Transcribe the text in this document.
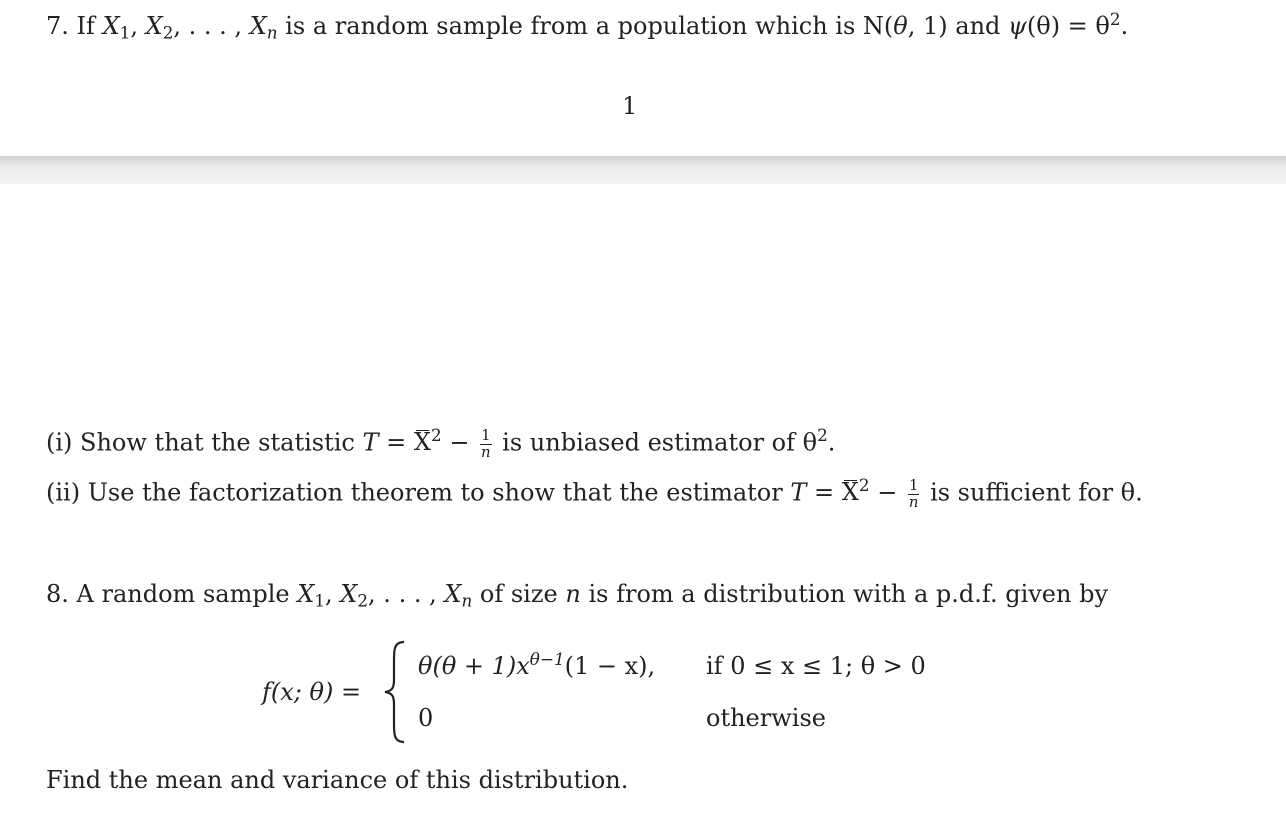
7. If $X_1$, $X_2$, . . . , $X_n$ is a random sample from a population which is N(θ, 1) and $\psi(\theta) = \theta^2$.
1
(i) Show that the statistic $T = X^2 - \frac{1}{n}$ is unbiased estimator of $\theta^2$.
(ii) Use the factorization theorem to show that the estimator $T = X^2 - \frac{1}{n}$ is sufficient for θ.
8. A random sample $X_1$, $X_2$, . . . , $X_n$ of size n is from a distribution with a p.d.f. given by
f(x; θ) =
$\theta(\theta + 1)x^{\theta-1}(1 - x)$, if 0 ≤ x ≤ 1; θ > 0
0	otherwise
Find the mean and variance of this distribution.
